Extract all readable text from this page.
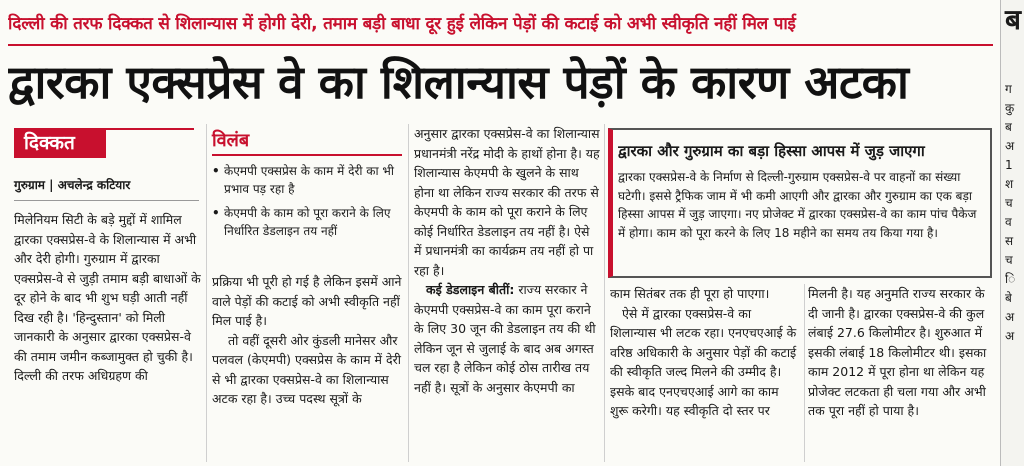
दिल्ली की तरफ दिक्कत से शिलान्यास में होगी देरी, तमाम बड़ी बाधा दूर हुई लेकिन पेड़ों की कटाई को अभी स्वीकृति नहीं मिल पाई
द्वारका एक्सप्रेस वे का शिलान्यास पेड़ों के कारण अटका
दिक्कत
गुरुग्राम | अचलेन्द्र कटियार
मिलेनियम सिटी के बड़े मुद्दों में शामिल द्वारका एक्सप्रेस-वे के शिलान्यास में अभी और देरी होगी। गुरुग्राम में द्वारका एक्सप्रेस-वे से जुड़ी तमाम बड़ी बाधाओं के दूर होने के बाद भी शुभ घड़ी आती नहीं दिख रही है। 'हिन्दुस्तान' को मिली जानकारी के अनुसार द्वारका एक्सप्रेस-वे की तमाम जमीन कब्जामुक्त हो चुकी है। दिल्ली की तरफ अधिग्रहण की
विलंब
• केएमपी एक्सप्रेस के काम में देरी का भी प्रभाव पड़ रहा है
• केएमपी के काम को पूरा कराने के लिए निर्धारित डेडलाइन तय नहीं

प्रक्रिया भी पूरी हो गई है लेकिन इसमें आने वाले पेड़ों की कटाई को अभी स्वीकृति नहीं मिल पाई है।

तो वहीं दूसरी ओर कुंडली मानेसर और पलवल (केएमपी) एक्सप्रेस के काम में देरी से भी द्वारका एक्सप्रेस-वे का शिलान्यास अटक रहा है। उच्च पदस्थ सूत्रों के

अनुसार द्वारका एक्सप्रेस-वे का शिलान्यास प्रधानमंत्री नरेंद्र मोदी के हाथों होना है। यह शिलान्यास केएमपी के खुलने के साथ होना था लेकिन राज्य सरकार की तरफ से केएमपी के काम को पूरा कराने के लिए कोई निर्धारित डेडलाइन तय नहीं है। ऐसे में प्रधानमंत्री का कार्यक्रम तय नहीं हो पा रहा है।

कई डेडलाइन बीतीं: राज्य सरकार ने केएमपी एक्सप्रेस-वे का काम पूरा कराने के लिए 30 जून की डेडलाइन तय की थी लेकिन जून से जुलाई के बाद अब अगस्त चल रहा है लेकिन कोई ठोस तारीख तय नहीं है। सूत्रों के अनुसार केएमपी का

द्वारका और गुरुग्राम का बड़ा हिस्सा आपस में जुड़ जाएगा
द्वारका एक्सप्रेस-वे के निर्माण से दिल्ली-गुरुग्राम एक्सप्रेस-वे पर वाहनों का संख्या घटेगी। इससे ट्रैफिक जाम में भी कमी आएगी और द्वारका और गुरुग्राम का एक बड़ा हिस्सा आपस में जुड़ जाएगा। नए प्रोजेक्ट में द्वारका एक्सप्रेस-वे का काम पांच पैकेज में होगा। काम को पूरा करने के लिए 18 महीने का समय तय किया गया है।

काम सितंबर तक ही पूरा हो पाएगा।

ऐसे में द्वारका एक्सप्रेस-वे का शिलान्यास भी लटक रहा। एनएचएआई के वरिष्ठ अधिकारी के अनुसार पेड़ों की कटाई की स्वीकृति जल्द मिलने की उम्मीद है। इसके बाद एनएचएआई आगे का काम शुरू करेगी। यह स्वीकृति दो स्तर पर

मिलनी है। यह अनुमति राज्य सरकार के दी जानी है। द्वारका एक्सप्रेस-वे की कुल लंबाई 27.6 किलोमीटर है। शुरुआत में इसकी लंबाई 18 किलोमीटर थी। इसका काम 2012 में पूरा होना था लेकिन यह प्रोजेक्ट लटकता ही चला गया और अभी तक पूरा नहीं हो पाया है।
ब
ग
कु
ब
अ
1
श
च
व
स
च
ि
बे
अ
अ
